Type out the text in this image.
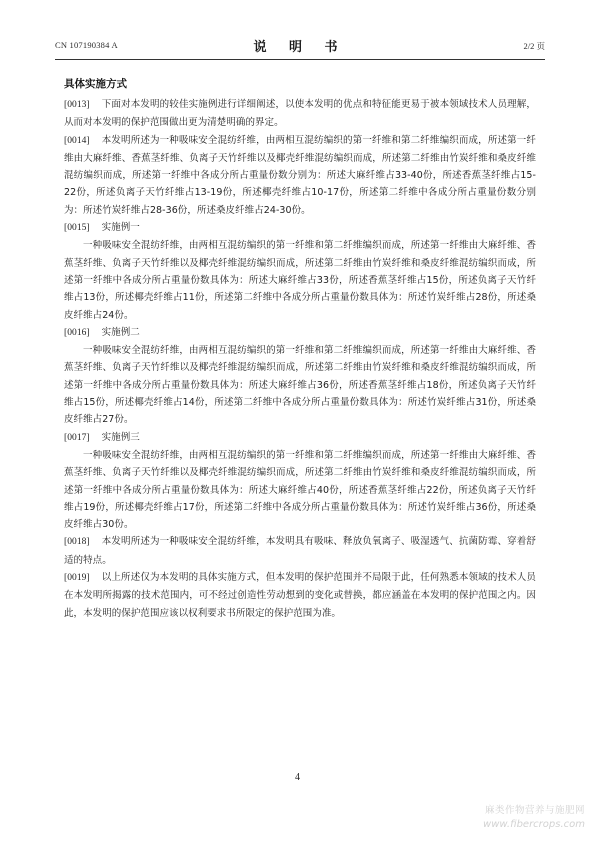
CN 107190384 A	说 明 书	2/2 页
具体实施方式

[0013] 下面对本发明的较佳实施例进行详细阐述，以使本发明的优点和特征能更易于被本领域技术人员理解，从而对本发明的保护范围做出更为清楚明确的界定。

[0014] 本发明所述为一种吸味安全混纺纤维，由两相互混纺编织的第一纤维和第二纤维编织而成，所述第一纤维由大麻纤维、香蕉茎纤维、负离子天竹纤维以及椰壳纤维混纺编织而成，所述第二纤维由竹炭纤维和桑皮纤维混纺编织而成，所述第一纤维中各成分所占重量份数分别为：所述大麻纤维占33-40份，所述香蕉茎纤维占15-22份，所述负离子天竹纤维占13-19份，所述椰壳纤维占10-17份，所述第二纤维中各成分所占重量份数分别为：所述竹炭纤维占28-36份，所述桑皮纤维占24-30份。

[0015] 实施例一

一种吸味安全混纺纤维，由两相互混纺编织的第一纤维和第二纤维编织而成，所述第一纤维由大麻纤维、香蕉茎纤维、负离子天竹纤维以及椰壳纤维混纺编织而成，所述第二纤维由竹炭纤维和桑皮纤维混纺编织而成，所述第一纤维中各成分所占重量份数具体为：所述大麻纤维占33份，所述香蕉茎纤维占15份，所述负离子天竹纤维占13份，所述椰壳纤维占11份，所述第二纤维中各成分所占重量份数具体为：所述竹炭纤维占28份，所述桑皮纤维占24份。

[0016] 实施例二

一种吸味安全混纺纤维，由两相互混纺编织的第一纤维和第二纤维编织而成，所述第一纤维由大麻纤维、香蕉茎纤维、负离子天竹纤维以及椰壳纤维混纺编织而成，所述第二纤维由竹炭纤维和桑皮纤维混纺编织而成，所述第一纤维中各成分所占重量份数具体为：所述大麻纤维占36份，所述香蕉茎纤维占18份，所述负离子天竹纤维占15份，所述椰壳纤维占14份，所述第二纤维中各成分所占重量份数具体为：所述竹炭纤维占31份，所述桑皮纤维占27份。

[0017] 实施例三

一种吸味安全混纺纤维，由两相互混纺编织的第一纤维和第二纤维编织而成，所述第一纤维由大麻纤维、香蕉茎纤维、负离子天竹纤维以及椰壳纤维混纺编织而成，所述第二纤维由竹炭纤维和桑皮纤维混纺编织而成，所述第一纤维中各成分所占重量份数具体为：所述大麻纤维占40份，所述香蕉茎纤维占22份，所述负离子天竹纤维占19份，所述椰壳纤维占17份，所述第二纤维中各成分所占重量份数具体为：所述竹炭纤维占36份，所述桑皮纤维占30份。

[0018] 本发明所述为一种吸味安全混纺纤维，本发明具有吸味、释放负氧离子、吸湿透气、抗菌防霉、穿着舒适的特点。

[0019] 以上所述仅为本发明的具体实施方式，但本发明的保护范围并不局限于此，任何熟悉本领域的技术人员在本发明所揭露的技术范围内，可不经过创造性劳动想到的变化或替换，都应涵盖在本发明的保护范围之内。因此，本发明的保护范围应该以权利要求书所限定的保护范围为准。

4
麻类作物营养与施肥网
www.fibercrops.com
